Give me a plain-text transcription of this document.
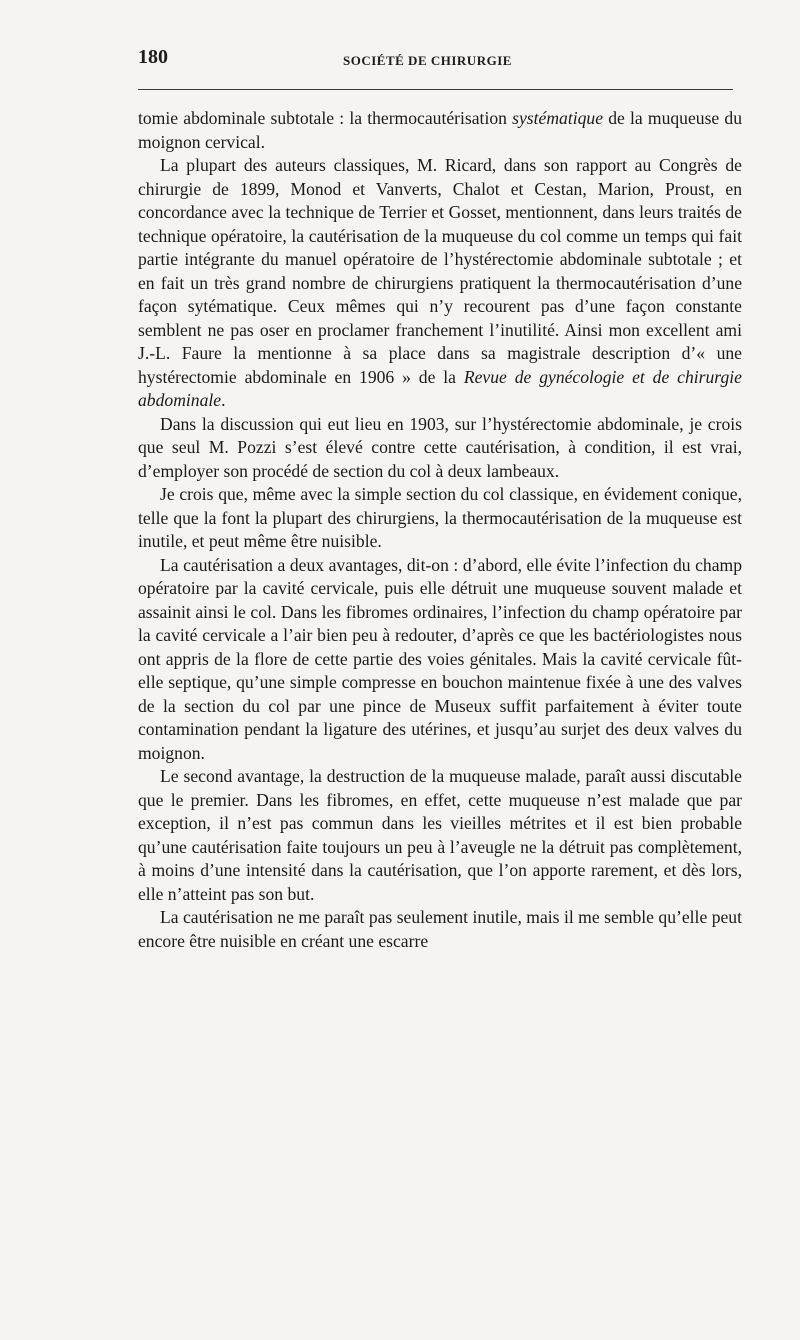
180	SOCIÉTÉ DE CHIRURGIE

tomie abdominale subtotale : la thermocautérisation systématique de la muqueuse du moignon cervical.

La plupart des auteurs classiques, M. Ricard, dans son rapport au Congrès de chirurgie de 1899, Monod et Vanverts, Chalot et Cestan, Marion, Proust, en concordance avec la technique de Terrier et Gosset, mentionnent, dans leurs traités de technique opératoire, la cautérisation de la muqueuse du col comme un temps qui fait partie intégrante du manuel opératoire de l’hystérectomie abdominale subtotale ; et en fait un très grand nombre de chirurgiens pratiquent la thermocautérisation d’une façon sytématique. Ceux mêmes qui n’y recourent pas d’une façon constante semblent ne pas oser en proclamer franchement l’inutilité. Ainsi mon excellent ami J.-L. Faure la mentionne à sa place dans sa magistrale description d’« une hystérectomie abdominale en 1906 » de la Revue de gynécologie et de chirurgie abdominale.

Dans la discussion qui eut lieu en 1903, sur l’hystérectomie abdominale, je crois que seul M. Pozzi s’est élevé contre cette cautérisation, à condition, il est vrai, d’employer son procédé de section du col à deux lambeaux.

Je crois que, même avec la simple section du col classique, en évidement conique, telle que la font la plupart des chirurgiens, la thermocautérisation de la muqueuse est inutile, et peut même être nuisible.

La cautérisation a deux avantages, dit-on : d’abord, elle évite l’infection du champ opératoire par la cavité cervicale, puis elle détruit une muqueuse souvent malade et assainit ainsi le col. Dans les fibromes ordinaires, l’infection du champ opératoire par la cavité cervicale a l’air bien peu à redouter, d’après ce que les bactériologistes nous ont appris de la flore de cette partie des voies génitales. Mais la cavité cervicale fût-elle septique, qu’une simple compresse en bouchon maintenue fixée à une des valves de la section du col par une pince de Museux suffit parfaitement à éviter toute contamination pendant la ligature des utérines, et jusqu’au surjet des deux valves du moignon.

Le second avantage, la destruction de la muqueuse malade, paraît aussi discutable que le premier. Dans les fibromes, en effet, cette muqueuse n’est malade que par exception, il n’est pas commun dans les vieilles métrites et il est bien probable qu’une cautérisation faite toujours un peu à l’aveugle ne la détruit pas complètement, à moins d’une intensité dans la cautérisation, que l’on apporte rarement, et dès lors, elle n’atteint pas son but.

La cautérisation ne me paraît pas seulement inutile, mais il me semble qu’elle peut encore être nuisible en créant une escarre
